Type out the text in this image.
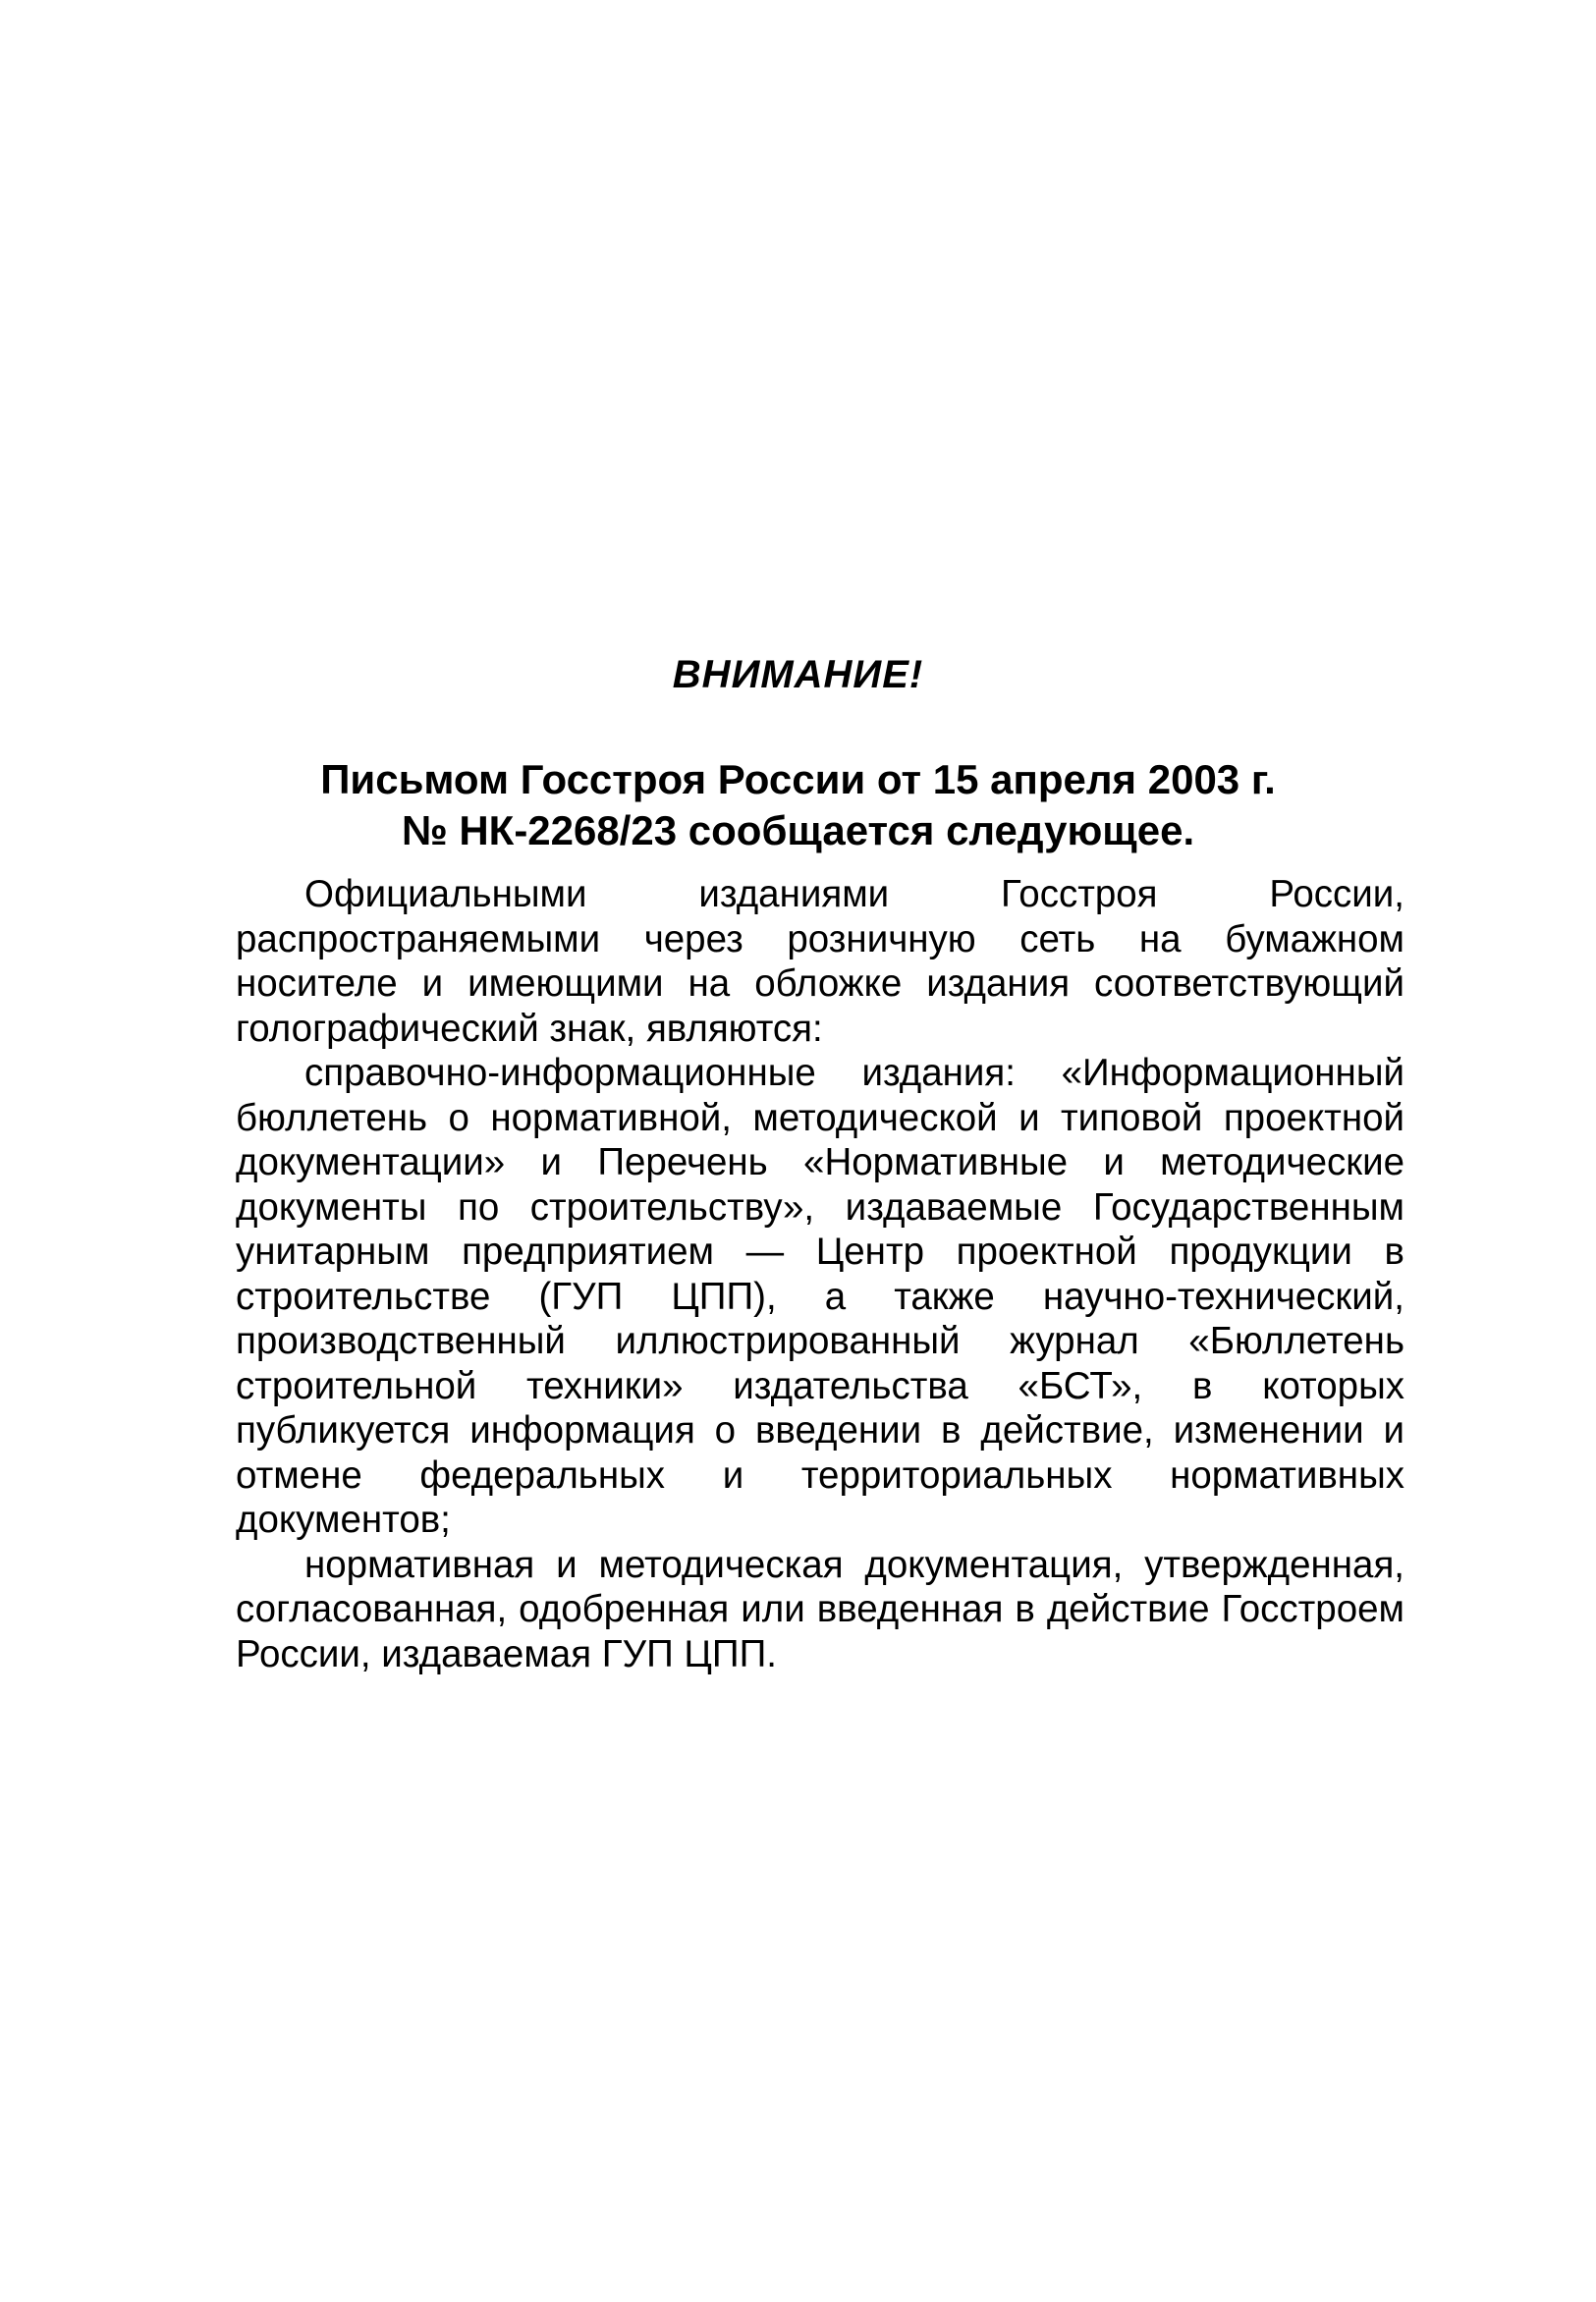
ВНИМАНИЕ!
Письмом Госстроя России от 15 апреля 2003 г.
№ НК-2268/23 сообщается следующее.

Официальными изданиями Госстроя России, распространяемыми через розничную сеть на бумажном носителе и имеющими на обложке издания соответствующий голографический знак, являются:

справочно-информационные издания: «Информационный бюллетень о нормативной, методической и типовой проектной документации» и Перечень «Нормативные и методические документы по строительству», издаваемые Государственным унитарным предприятием — Центр проектной продукции в строительстве (ГУП ЦПП), а также научно-технический, производственный иллюстрированный журнал «Бюллетень строительной техники» издательства «БСТ», в которых публикуется информация о введении в действие, изменении и отмене федеральных и территориальных нормативных документов;

нормативная и методическая документация, утвержденная, согласованная, одобренная или введенная в действие Госстроем России, издаваемая ГУП ЦПП.
